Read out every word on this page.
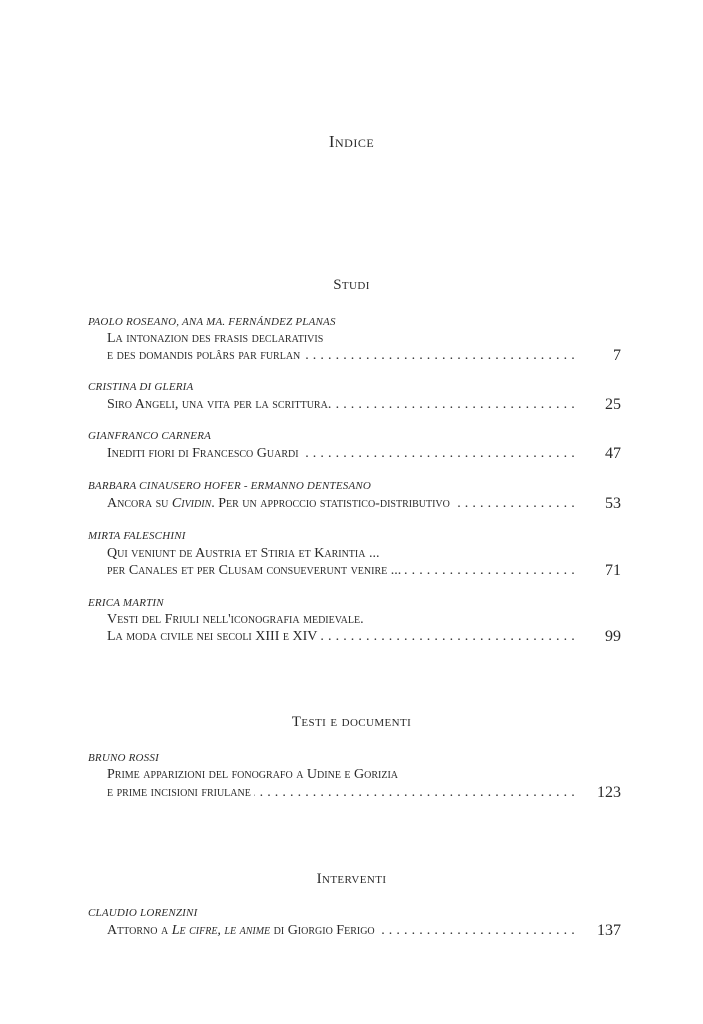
Indice
Studi
PAOLO ROSEANO, ANA MA. FERNÁNDEZ PLANAS
La intonazion des frasis declarativis
e des domandis polârs par furlan . . .	7
CRISTINA DI GLERIA
Siro Angeli, una vita per la scrittura. . . .	25
GIANFRANCO CARNERA
Inediti fiori di Francesco Guardi . . .	47
BARBARA CINAUSERO HOFER - ERMANNO DENTESANO
Ancora su Cividin. Per un approccio statistico-distributivo . . .	53
MIRTA FALESCHINI
Qui veniunt de Austria et Stiria et Karintia ...
per Canales et per Clusam consueverunt venire ... . . .	71
ERICA MARTIN
Vesti del Friuli nell'iconografia medievale.
La moda civile nei secoli XIII e XIV . . .	99
Testi e documenti
BRUNO ROSSI
Prime apparizioni del fonografo a Udine e Gorizia
e prime incisioni friulane . . .	123
Interventi
CLAUDIO LORENZINI
Attorno a Le cifre, le anime di Giorgio Ferigo . . .	137
